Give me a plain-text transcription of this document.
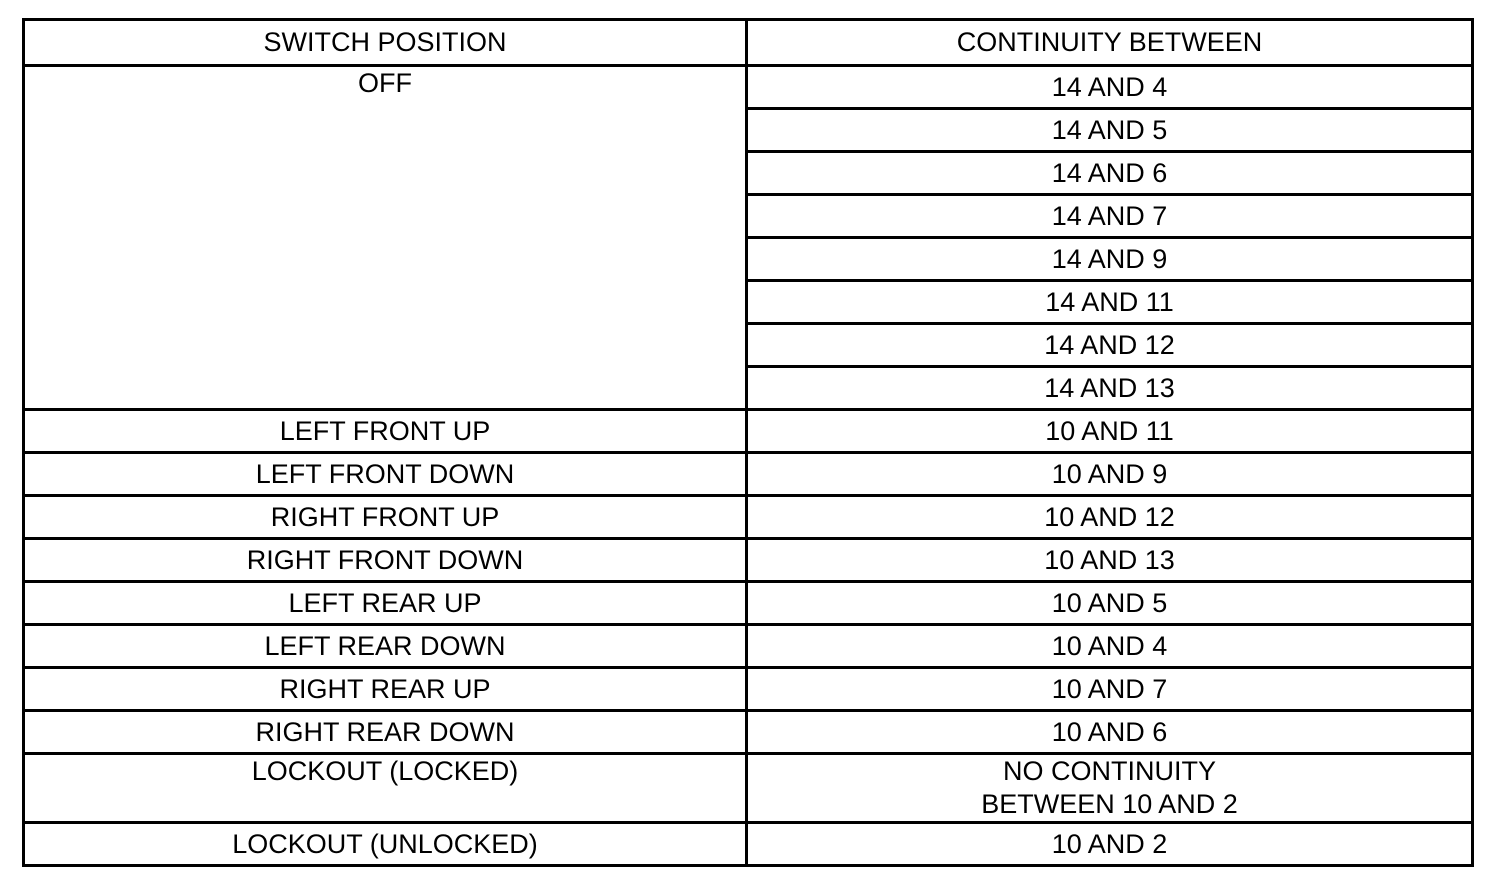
SWITCH POSITION	CONTINUITY BETWEEN
OFF	14 AND 4
	14 AND 5
	14 AND 6
	14 AND 7
	14 AND 9
	14 AND 11
	14 AND 12
	14 AND 13
LEFT FRONT UP	10 AND 11
LEFT FRONT DOWN	10 AND 9
RIGHT FRONT UP	10 AND 12
RIGHT FRONT DOWN	10 AND 13
LEFT REAR UP	10 AND 5
LEFT REAR DOWN	10 AND 4
RIGHT REAR UP	10 AND 7
RIGHT REAR DOWN	10 AND 6
LOCKOUT (LOCKED)	NO CONTINUITY
BETWEEN 10 AND 2

LOCKOUT (UNLOCKED)	10 AND 2
